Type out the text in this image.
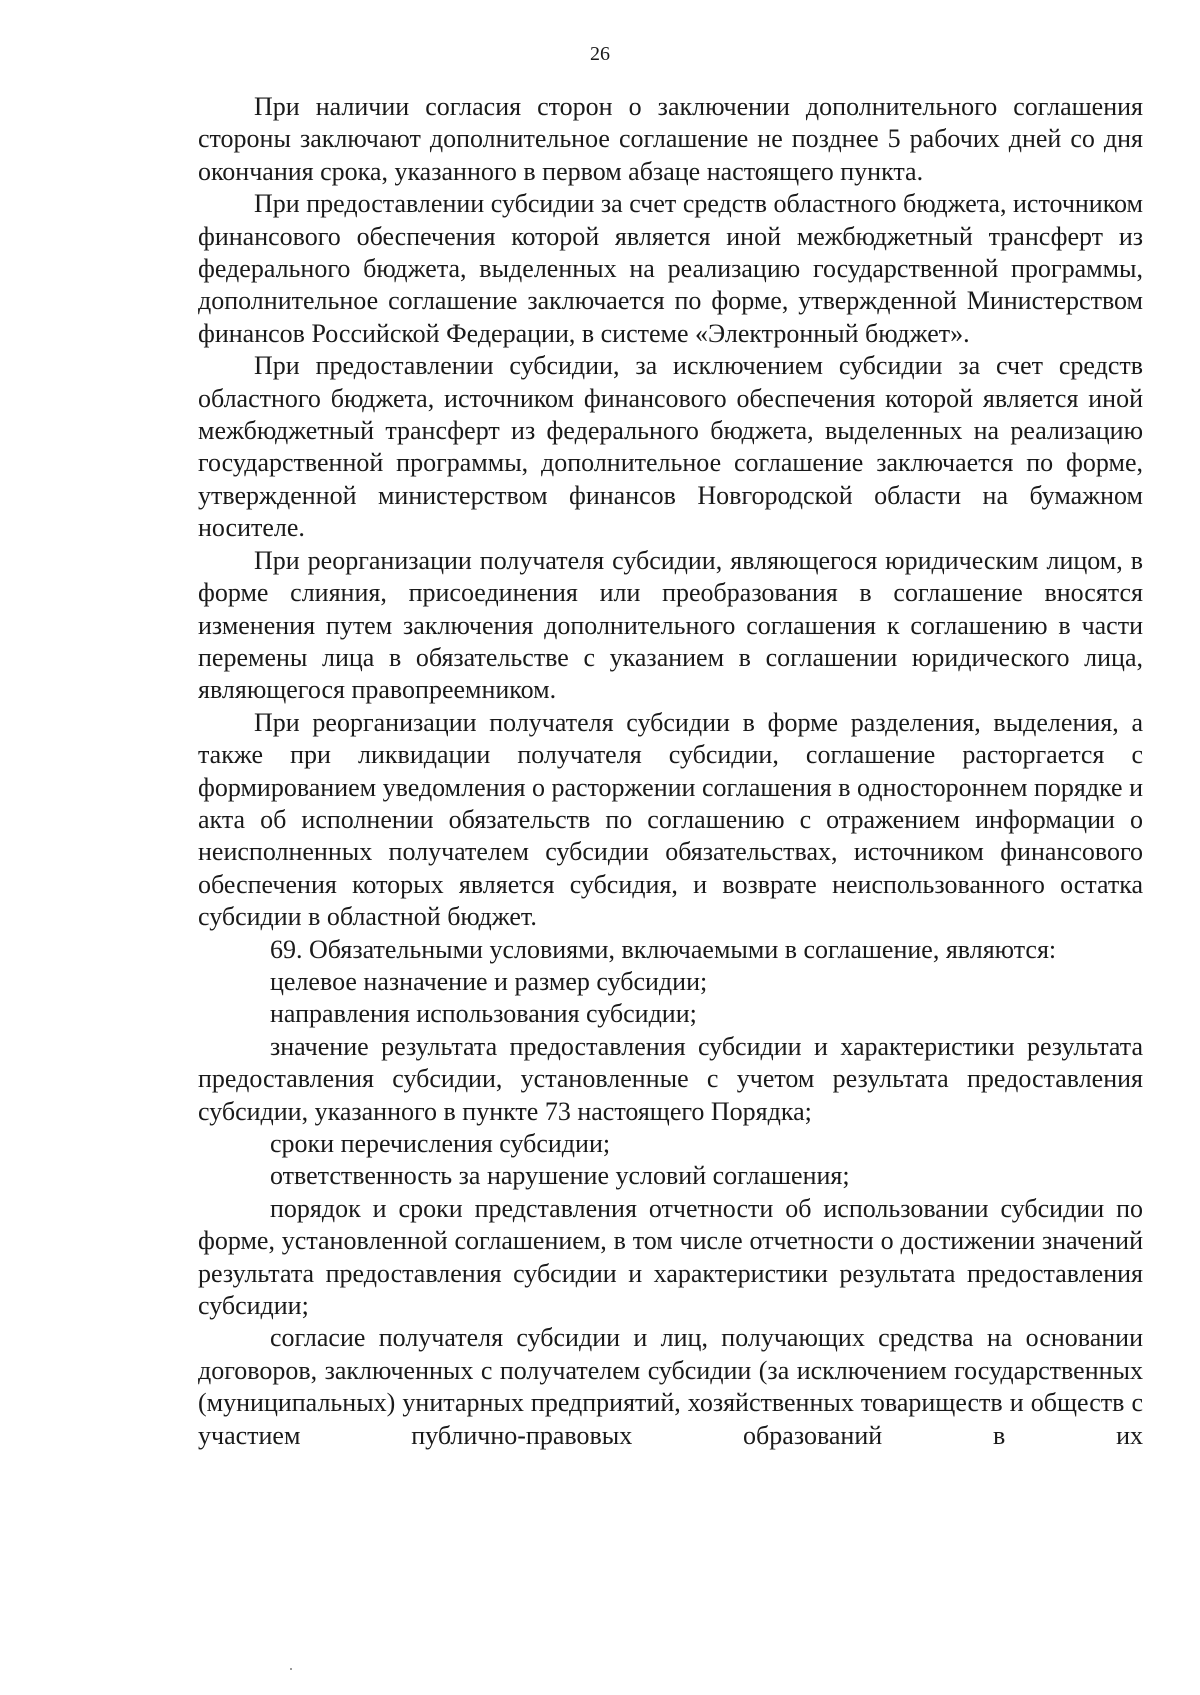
26

При наличии согласия сторон о заключении дополнительного соглашения стороны заключают дополнительное соглашение не позднее 5 рабочих дней со дня окончания срока, указанного в первом абзаце настоящего пункта.

При предоставлении субсидии за счет средств областного бюджета, источником финансового обеспечения которой является иной межбюджетный трансферт из федерального бюджета, выделенных на реализацию государственной программы, дополнительное соглашение заключается по форме, утвержденной Министерством финансов Российской Федерации, в системе «Электронный бюджет».

При предоставлении субсидии, за исключением субсидии за счет средств областного бюджета, источником финансового обеспечения которой является иной межбюджетный трансферт из федерального бюджета, выделенных на реализацию государственной программы, дополнительное соглашение заключается по форме, утвержденной министерством финансов Новгородской области на бумажном носителе.

При реорганизации получателя субсидии, являющегося юридическим лицом, в форме слияния, присоединения или преобразования в соглашение вносятся изменения путем заключения дополнительного соглашения к соглашению в части перемены лица в обязательстве с указанием в соглашении юридического лица, являющегося правопреемником.

При реорганизации получателя субсидии в форме разделения, выделения, а также при ликвидации получателя субсидии, соглашение расторгается с формированием уведомления о расторжении соглашения в одностороннем порядке и акта об исполнении обязательств по соглашению с отражением информации о неисполненных получателем субсидии обязательствах, источником финансового обеспечения которых является субсидия, и возврате неиспользованного остатка субсидии в областной бюджет.

69. Обязательными условиями, включаемыми в соглашение, являются:

целевое назначение и размер субсидии;

направления использования субсидии;

значение результата предоставления субсидии и характеристики результата предоставления субсидии, установленные с учетом результата предоставления субсидии, указанного в пункте 73 настоящего Порядка;

сроки перечисления субсидии;

ответственность за нарушение условий соглашения;

порядок и сроки представления отчетности об использовании субсидии по форме, установленной соглашением, в том числе отчетности о достижении значений результата предоставления субсидии и характеристики результата предоставления субсидии;

согласие получателя субсидии и лиц, получающих средства на основании договоров, заключенных с получателем субсидии (за исключением государственных (муниципальных) унитарных предприятий, хозяйственных товариществ и обществ с участием публично-правовых образований в их
